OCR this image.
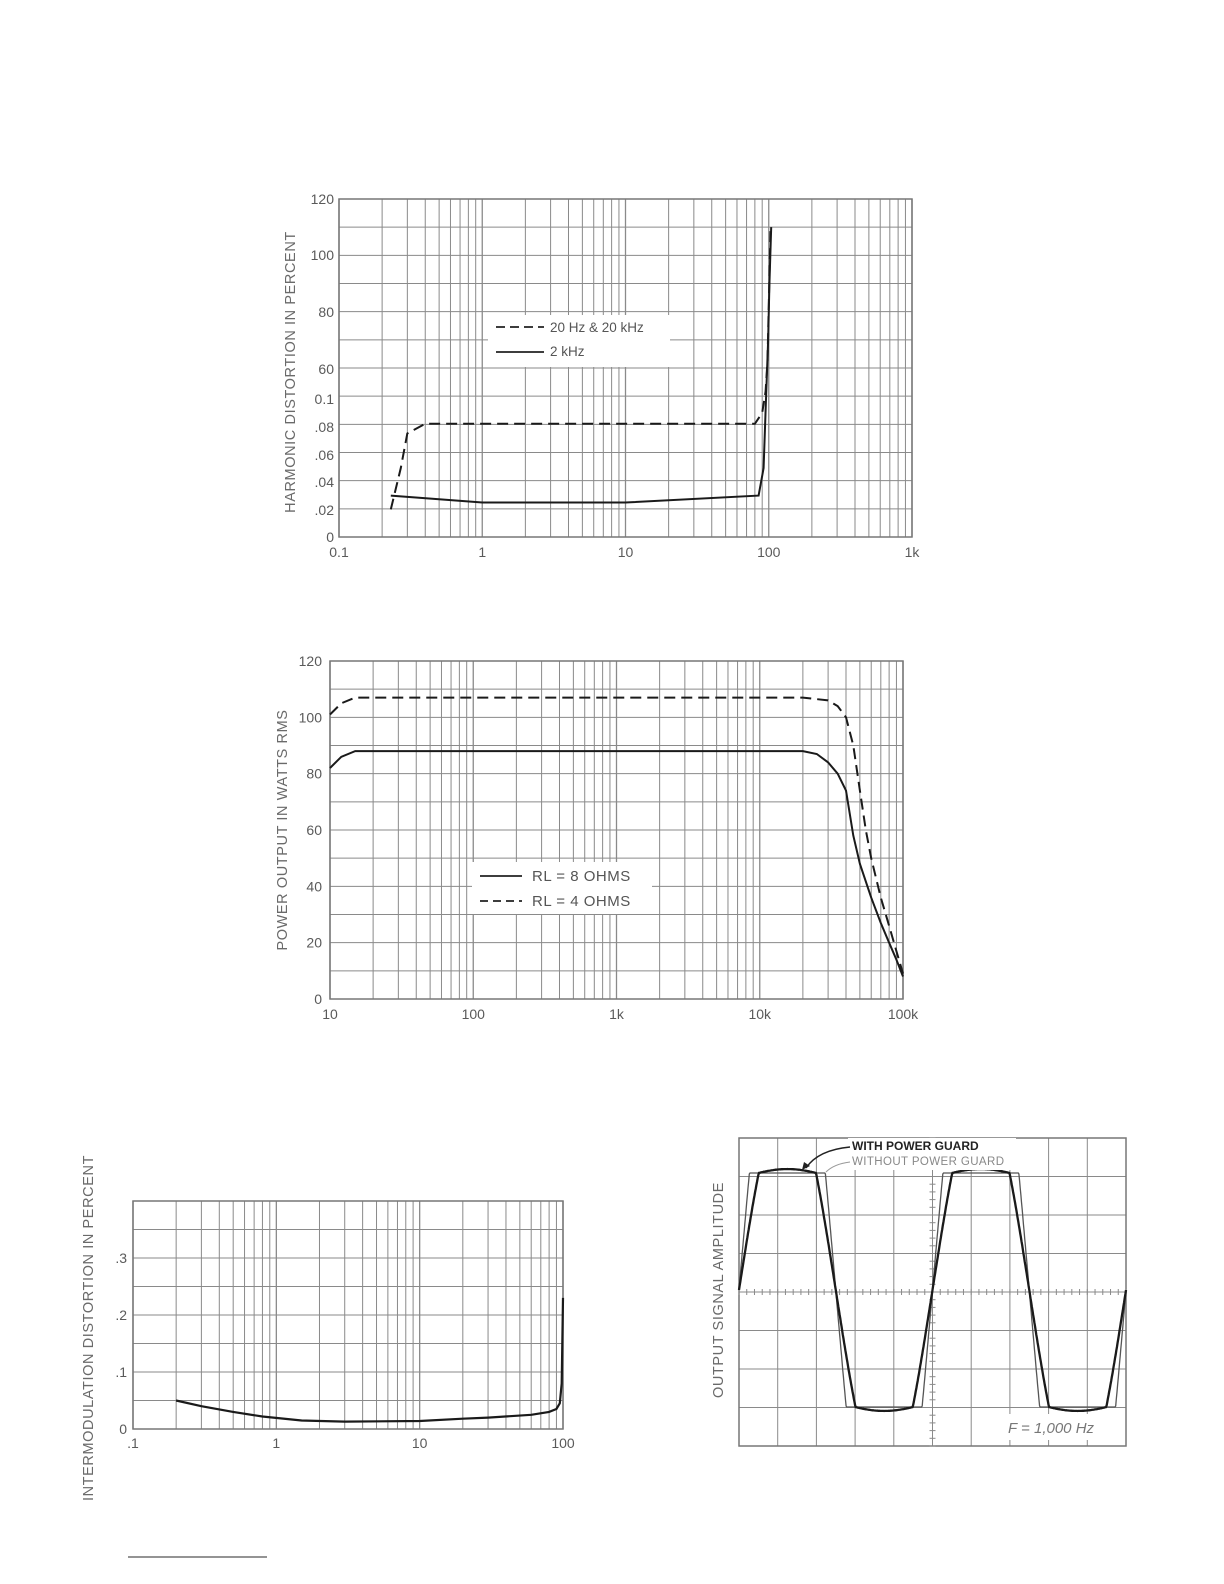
0
.02
.04
.06
.08
0.1
60
80
100
120
0.1	1	10	100	1k
HARMONIC DISTORTION IN PERCENT	20 Hz & 20 kHz
2 kHz
0
20
40
60
80
100
120
10	100	1k	10k	100k
POWER OUTPUT IN WATTS RMS	RL = 8 OHMS
RL = 4 OHMS
0
.1
.2
.3
.1	1	10	100
INTERMODULATION DISTORTION IN PERCENT	OUTPUT SIGNAL AMPLITUDE
WITH POWER GUARD
WITHOUT POWER GUARD
F = 1,000 Hz
